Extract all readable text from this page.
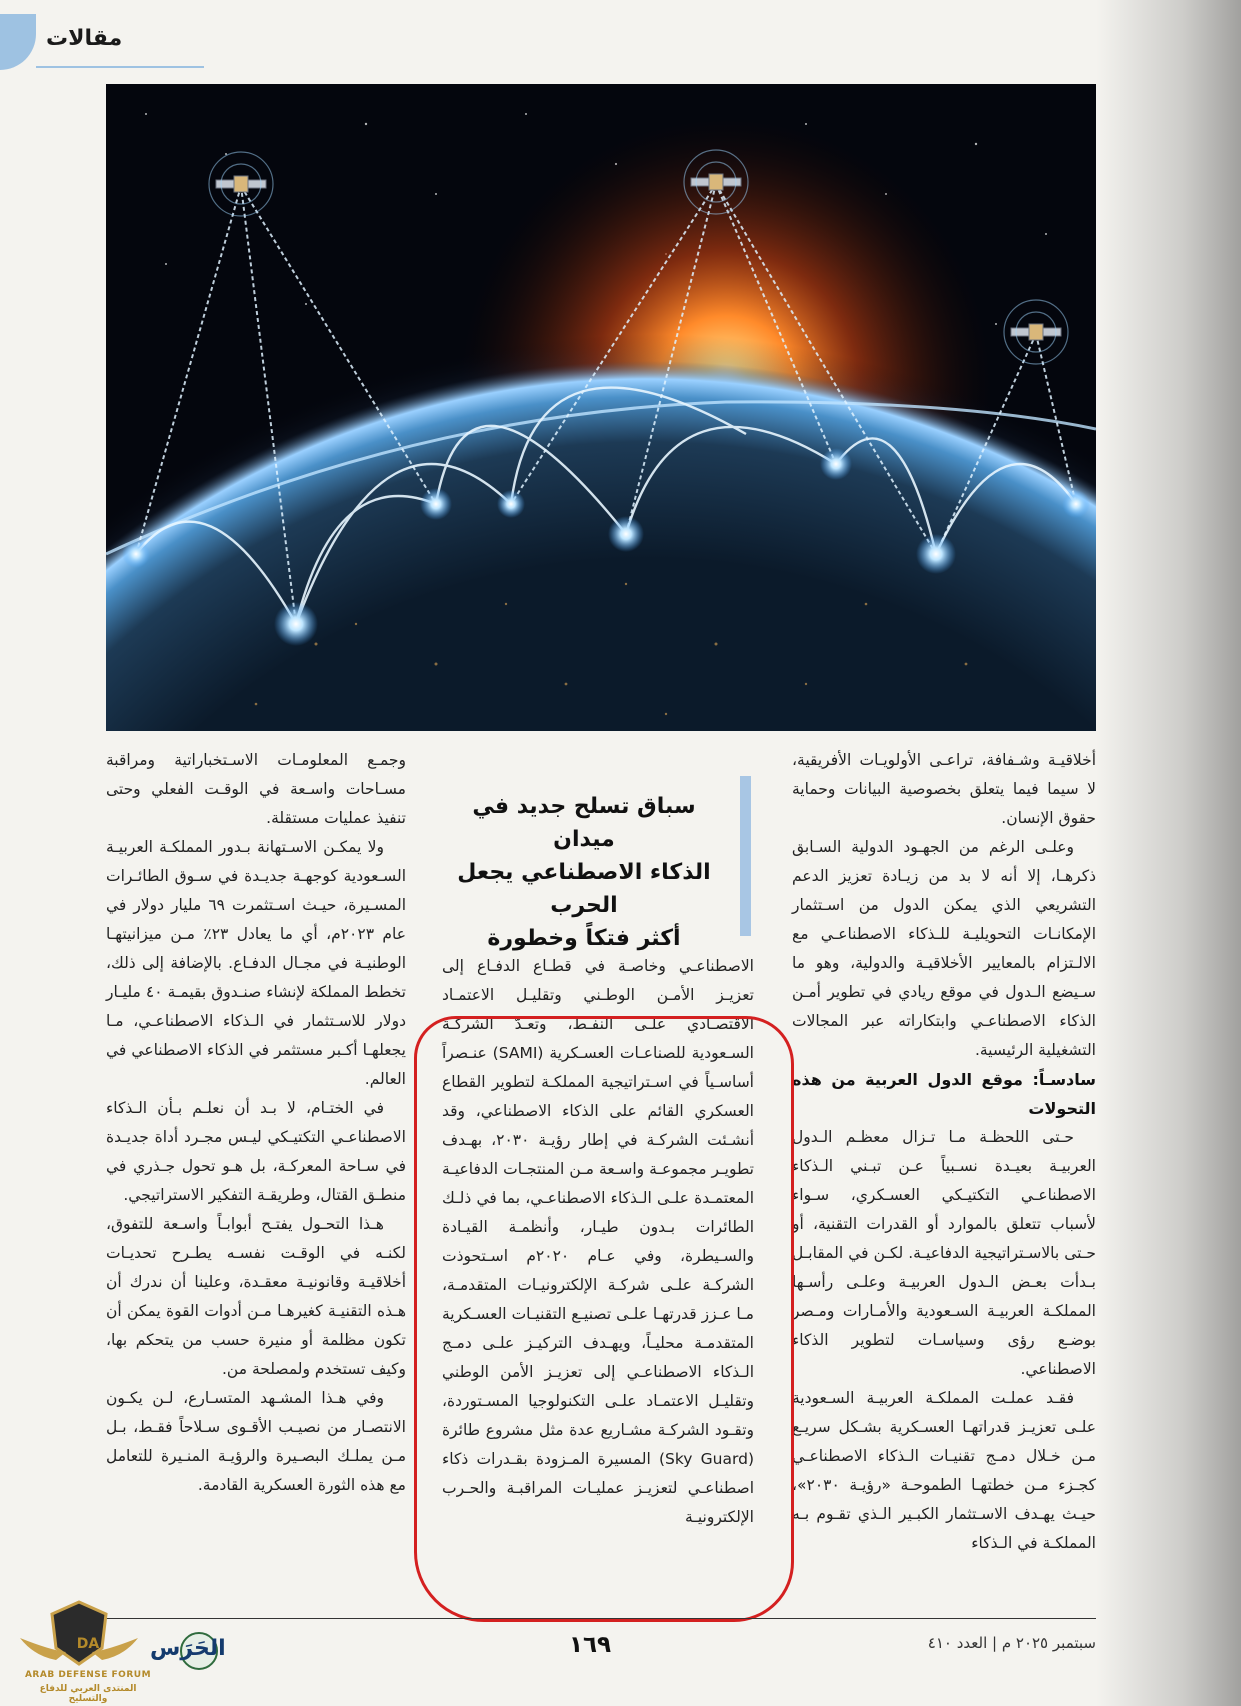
مقالات

أخلاقيـة وشـفافة، تراعـى الأولويـات الأفريقية، لا سيما فيما يتعلق بخصوصية البيانات وحماية حقوق الإنسان.

وعلـى الرغم من الجهـود الدولية السـابق ذكرهـا، إلا أنه لا بد من زيـادة تعزيز الدعم التشريعي الذي يمكن الدول من اسـتثمار الإمكانـات التحويليـة للـذكاء الاصطناعـي مع الالـتزام بالمعايير الأخلاقيـة والدولية، وهو ما سـيضع الـدول في موقع ريادي في تطوير أمـن الذكاء الاصطناعـي وابتكاراته عبر المجالات التشغيلية الرئيسية.

سادسـاً: موقع الدول العربية من هذه التحولات

حـتى اللحظـة مـا تـزال معظـم الـدول العربيـة بعيـدة نسـبياً عـن تبـني الـذكاء الاصطناعـي التكتيـكي العسـكري، سـواء لأسباب تتعلق بالموارد أو القدرات التقنية، أو حـتى بالاسـتراتيجية الدفاعيـة. لكـن في المقابـل بـدأت بعـض الـدول العربيـة وعلـى رأسـها المملكـة العربيـة السـعودية والأمـارات ومـصر بوضـع رؤى وسياسـات لتطوير الذكاء الاصطناعي.

فقـد عملـت المملكـة العربيـة السـعودية علـى تعزيـز قدراتهـا العسـكرية بشـكل سريـع مـن خـلال دمـج تقنيـات الـذكاء الاصطناعـي كجـزء مـن خطتهـا الطموحـة «رؤيـة ٢٠٣٠»، حيـث يهـدف الاسـتثمار الكبـير الـذي تقـوم بـه المملكـة في الـذكاء

سباق تسلح جديد في ميدان
الذكاء الاصطناعي يجعل الحرب
أكثر فتكاً وخطورة

الاصطناعـي وخاصـة في قطـاع الدفـاع إلى تعزيـز الأمـن الوطـني وتقليـل الاعتمـاد الاقتصـادي علـى النفـط، وتعـدّ الشركـة السـعودية للصناعـات العسـكرية (SAMI) عنـصراً أساسـياً في اسـتراتيجية المملكـة لتطوير القطاع العسكري القائم على الذكاء الاصطناعي، وقد أنشـئت الشركـة في إطار رؤيـة ٢٠٣٠، بهـدف تطويـر مجموعـة واسـعة مـن المنتجـات الدفاعيـة المعتمـدة علـى الـذكاء الاصطناعـي، بما في ذلـك الطائرات بـدون طيـار، وأنظمـة القيـادة والسـيطرة، وفي عـام ٢٠٢٠م اسـتحوذت الشركـة علـى شركـة الإلكترونيـات المتقدمـة، مـا عـزز قدرتهـا علـى تصنيـع التقنيـات العسـكرية المتقدمـة محليـاً، ويهـدف التركيـز علـى دمـج الـذكاء الاصطناعـي إلى تعزيـز الأمن الوطني وتقليـل الاعتمـاد علـى التكنولوجيا المسـتوردة، وتقـود الشركـة مشـاريع عدة مثل مشروع طائرة (Sky Guard) المسيرة المـزودة بقـدرات ذكاء اصطناعـي لتعزيـز عمليـات المراقبـة والحـرب الإلكترونيـة

وجمـع المعلومـات الاسـتخباراتية ومراقبة مسـاحات واسـعة في الوقـت الفعلي وحتى تنفيذ عمليات مستقلة.

ولا يمكـن الاسـتهانة بـدور المملكـة العربيـة السـعودية كوجهـة جديـدة في سـوق الطائـرات المسـيرة، حيـث اسـتثمرت ٦٩ مليار دولار في عام ٢٠٢٣م، أي ما يعادل ٢٣٪ مـن ميزانيتهـا الوطنيـة في مجـال الدفـاع. بالإضافة إلى ذلك، تخطط المملكة لإنشاء صنـدوق بقيمـة ٤٠ مليـار دولار للاسـتثمار في الـذكاء الاصطناعـي، مـا يجعلهـا أكـبر مستثمر في الذكاء الاصطناعي في العالم.

في الختـام، لا بـد أن نعلـم بـأن الـذكاء الاصطناعـي التكتيـكي ليـس مجـرد أداة جديـدة في سـاحة المعركـة، بل هـو تحول جـذري في منطـق القتال، وطريقـة التفكير الاستراتيجي.

هـذا التحـول يفتـح أبوابـاً واسـعة للتفوق، لكنـه في الوقـت نفسـه يطـرح تحديـات أخلاقيـة وقانونيـة معقـدة، وعلينا أن ندرك أن هـذه التقنيـة كغيرهـا مـن أدوات القوة يمكن أن تكون مظلمة أو منيرة حسب من يتحكم بها، وكيف تستخدم ولمصلحة من.

وفي هـذا المشـهد المتسـارع، لـن يكـون الانتصـار من نصيـب الأقـوى سـلاحاً فقـط، بـل مـن يملـك البصـيرة والرؤيـة المنـيرة للتعامل مع هذه الثورة العسكرية القادمة.

١٦٩	سبتمبر ٢٠٢٥ م | العدد ٤١٠
الحَرَس
DA
ARAB DEFENSE FORUM
المنتدى العربي للدفاع والتسليح
